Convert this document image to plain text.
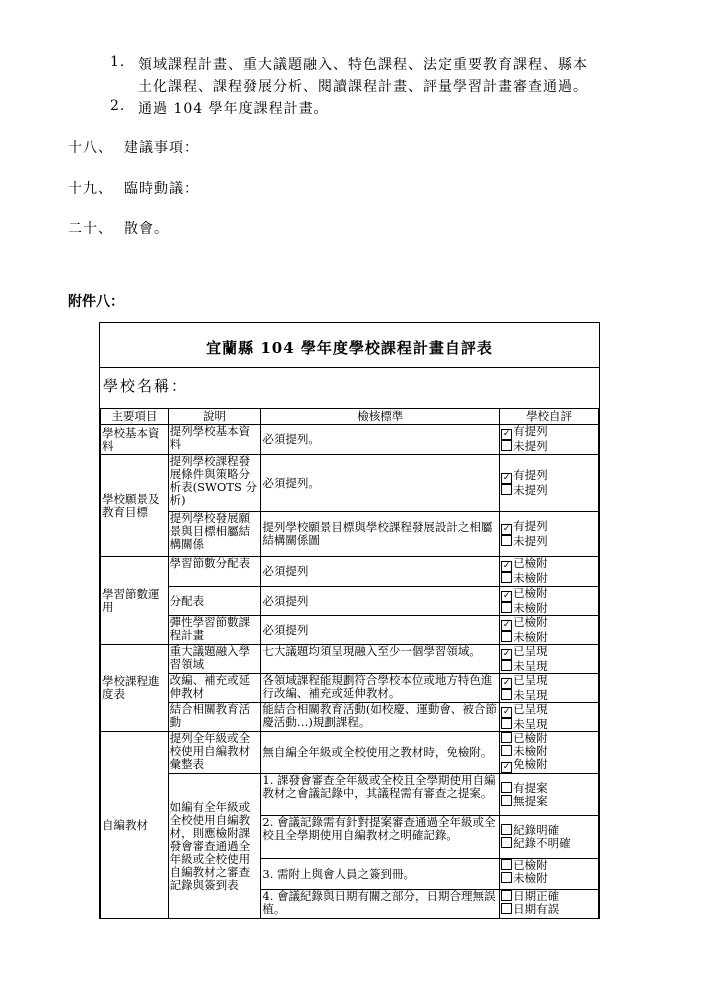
1. 領域課程計畫、重大議題融入、特色課程、法定重要教育課程、縣本
土化課程、課程發展分析、閱讀課程計畫、評量學習計畫審查通過。
2. 通過 104 學年度課程計畫。
十八、 建議事項：
十九、 臨時動議：
二十、 散會。
附件八：
宜蘭縣 104 學年度學校課程計畫自評表
學校名稱：
主要項目	說明	檢核標準	學校自評
學校基本資料	提列學校基本資料	必須提列。	✓ 有提列
未提列

學校願景及教育目標	提列學校課程發展條件與策略分析表(SWOTS 分析)	必須提列。	✓ 有提列
未提列

	提列學校發展願景與目標相屬結構關係	提列學校願景目標與學校課程發展設計之相屬結構關係圖	✓ 有提列
未提列

學習節數運用	學習節數分配表	必須提列	✓ 已檢附
未檢附

	分配表	必須提列	✓ 已檢附
未檢附

	彈性學習節數課程計畫	必須提列	✓ 已檢附
未檢附

學校課程進度表	重大議題融入學習領域	七大議題均須呈現融入至少一個學習領域。	✓ 已呈現
未呈現

	改編、補充或延伸教材	各領域課程能規劃符合學校本位或地方特色進行改編、補充或延伸教材。	✓ 已呈現
未呈現

	結合相關教育活動	能結合相關教育活動(如校慶、運動會、被合節慶活動…)規劃課程。	✓ 已呈現
未呈現

自編教材	提列全年級或全校使用自編教材彙整表	無自編全年級或全校使用之教材時，免檢附。	已檢附
未檢附
✓ 免檢附

	如編有全年級或全校使用自編教材，則應檢附課發會審查通過全年級或全校使用自編教材之審查記錄與簽到表	1. 課發會審查全年級或全校且全學期使用自編教材之會議記錄中，其議程需有審查之提案。	有提案
無提案

		2. 會議記錄需有針對提案審查通過全年級或全校且全學期使用自編教材之明確記錄。	紀錄明確
紀錄不明確

		3. 需附上與會人員之簽到冊。	已檢附
未檢附

		4. 會議紀錄與日期有關之部分，日期合理無誤植。	日期正確
日期有誤
